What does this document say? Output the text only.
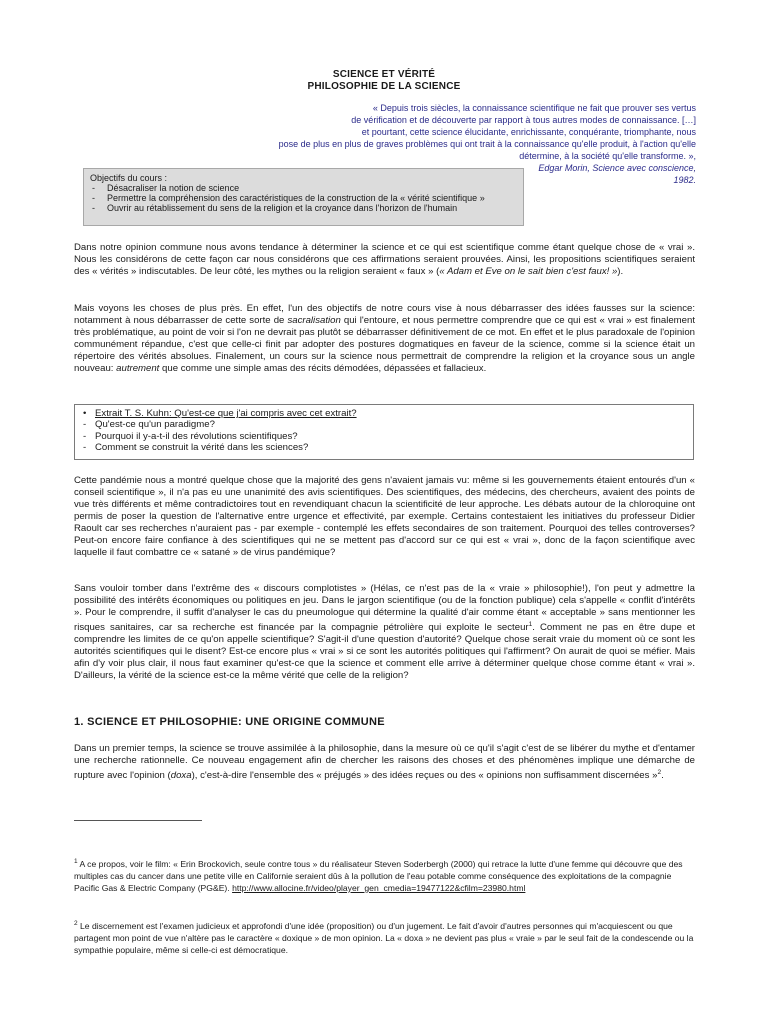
SCIENCE ET VÉRITÉ
PHILOSOPHIE DE LA SCIENCE
« Depuis trois siècles, la connaissance scientifique ne fait que prouver ses vertus
de vérification et de découverte par rapport à tous autres modes de connaissance. […]
et pourtant, cette science élucidante, enrichissante, conquérante, triomphante, nous
pose de plus en plus de graves problèmes qui ont trait à la connaissance qu'elle produit, à l'action qu'elle
détermine, à la société qu'elle transforme. »,
Edgar Morin, Science avec conscience,
1982.
Objectifs du cours :
- Désacraliser la notion de science
- Permettre la compréhension des caractéristiques de la construction de la « vérité scientifique »
- Ouvrir au rétablissement du sens de la religion et la croyance dans l'horizon de l'humain
Dans notre opinion commune nous avons tendance à déterminer la science et ce qui est scientifique comme étant quelque chose de « vrai ». Nous les considérons de cette façon car nous considérons que ces affirmations seraient prouvées. Ainsi, les propositions scientifiques seraient des « vérités » indiscutables. De leur côté, les mythes ou la religion seraient « faux » (« Adam et Eve on le sait bien c'est faux! »).
Mais voyons les choses de plus près. En effet, l'un des objectifs de notre cours vise à nous débarrasser des idées fausses sur la science: notamment à nous débarrasser de cette sorte de sacralisation qui l'entoure, et nous permettre comprendre que ce qui est « vrai » est finalement très problématique, au point de voir si l'on ne devrait pas plutôt se débarrasser définitivement de ce mot. En effet et le plus paradoxale de l'opinion communément répandue, c'est que celle-ci finit par adopter des postures dogmatiques en faveur de la science, comme si la science était un répertoire des vérités absolues. Finalement, un cours sur la science nous permettrait de comprendre la religion et la croyance sous un angle nouveau: autrement que comme une simple amas des récits démodées, dépassées et fallacieux.
• Extrait T. S. Kuhn: Qu'est-ce que j'ai compris avec cet extrait?
- Qu'est-ce qu'un paradigme?
- Pourquoi il y-a-t-il des révolutions scientifiques?
- Comment se construit la vérité dans les sciences?
Cette pandémie nous a montré quelque chose que la majorité des gens n'avaient jamais vu: même si les gouvernements étaient entourés d'un « conseil scientifique », il n'a pas eu une unanimité des avis scientifiques. Des scientifiques, des médecins, des chercheurs, avaient des points de vue très différents et même contradictoires tout en revendiquant chacun la scientificité de leur approche. Les débats autour de la chloroquine ont permis de poser la question de l'alternative entre urgence et effectivité, par exemple. Certains contestaient les initiatives du professeur Didier Raoult car ses recherches n'auraient pas - par exemple - contemplé les effets secondaires de son traitement. Pourquoi des telles controverses? Peut-on encore faire confiance à des scientifiques qui ne se mettent pas d'accord sur ce qui est « vrai », donc de la façon scientifique avec laquelle il faut combattre ce « satané » de virus pandémique?
Sans vouloir tomber dans l'extrême des « discours complotistes » (Hélas, ce n'est pas de la « vraie » philosophie!), l'on peut y admettre la possibilité des intérêts économiques ou politiques en jeu. Dans le jargon scientifique (ou de la fonction publique) cela s'appelle « conflit d'intérêts ». Pour le comprendre, il suffit d'analyser le cas du pneumologue qui détermine la qualité d'air comme étant « acceptable » sans mentionner les risques sanitaires, car sa recherche est financée par la compagnie pétrolière qui exploite le secteur$^1$. Comment ne pas en être dupe et comprendre les limites de ce qu'on appelle scientifique? S'agit-il d'une question d'autorité? Quelque chose serait vraie du moment où ce sont les autorités scientifiques qui le disent? Est-ce encore plus « vrai » si ce sont les autorités politiques qui l'affirment? On aurait de quoi se méfier. Mais afin d'y voir plus clair, il nous faut examiner qu'est-ce que la science et comment elle arrive à déterminer quelque chose comme étant « vrai ». D'ailleurs, la vérité de la science est-ce la même vérité que celle de la religion?
1. SCIENCE ET PHILOSOPHIE: UNE ORIGINE COMMUNE
Dans un premier temps, la science se trouve assimilée à la philosophie, dans la mesure où ce qu'il s'agit c'est de se libérer du mythe et d'entamer une recherche rationnelle. Ce nouveau engagement afin de chercher les raisons des choses et des phénomènes implique une démarche de rupture avec l'opinion (doxa), c'est-à-dire l'ensemble des « préjugés » des idées reçues ou des « opinions non suffisamment discernées »$^2$.
$^1$ A ce propos, voir le film: « Erin Brockovich, seule contre tous » du réalisateur Steven Soderbergh (2000) qui retrace la lutte d'une femme qui découvre que des multiples cas du cancer dans une petite ville en Californie seraient dûs à la pollution de l'eau potable comme conséquence des exploitations de la compagnie Pacific Gas & Electric Company (PG&E). http://www.allocine.fr/video/player_gen_cmedia=19477122&cfilm=23980.html
$^2$ Le discernement est l'examen judicieux et approfondi d'une idée (proposition) ou d'un jugement. Le fait d'avoir d'autres personnes qui m'acquiescent ou que partagent mon point de vue n'altère pas le caractère « doxique » de mon opinion. La « doxa » ne devient pas plus « vraie » par le seul fait de la condescende ou la sympathie populaire, même si celle-ci est démocratique.
